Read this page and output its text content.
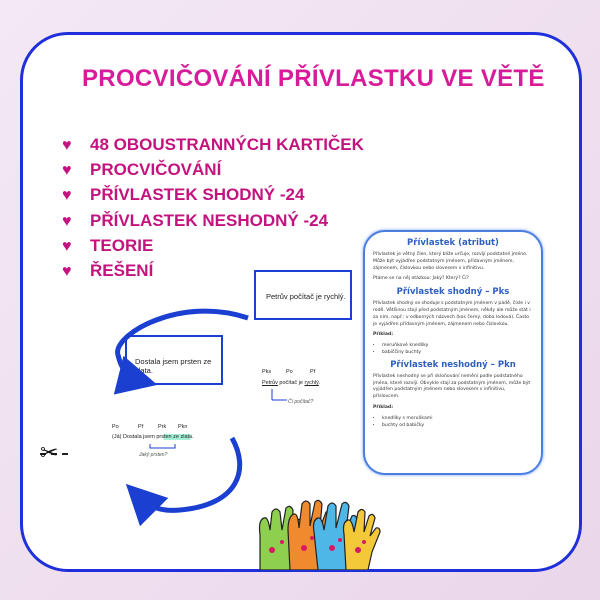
PROCVIČOVÁNÍ PŘÍVLASTKU VE VĚTĚ
♥ 48 OBOUSTRANNÝCH KARTIČEK
♥ PROCVIČOVÁNÍ
♥ PŘÍVLASTEK SHODNÝ -24
♥ PŘÍVLASTEK NESHODNÝ -24
♥ TEORIE
♥ ŘEŠENÍ
Petrův počítač je rychlý.
Dostala jsem prsten ze zlata.	Pks	Po	Př
Petrův počítač je rychlý.
Čí počítač?
Po	Př	Prk Pkn
(Já) Dostala jsem prsten ze zlata.
Jaký prsten?
Přívlastek (atribut)

Přívlastek je větný člen, který blíže určuje, rozvíjí podstatné jméno. Může být vyjádřen podstatným jménem, přídavným jménem, zájmenem, číslovkou nebo slovesem v infinitivu.

Ptáme se na něj otázkou: Jaký? Který? Čí?

Přívlastek shodný – Pks

Přívlastek shodný se shoduje s podstatným jménem v pádě, čísle i v rodě. Většinou stojí před podstatným jménem, někdy ale může stát i za ním, např.: v odborných názvech (kos černý, doba ledová). Často je vyjádřen přídavným jménem, zájmenem nebo číslovkou.

Příklad:

• meruňkové knedlíky
• babiččiny buchty
Přívlastek neshodný – Pkn

Přívlastek neshodný se při skloňování nemění podle podstatného jména, které rozvíjí. Obvykle stojí za podstatným jménem, může být vyjádřen podstatným jménem nebo slovesem v infinitivu, příslovcem.

Příklad:

• knedlíky s meruňkami
• buchty od babičky
✂
